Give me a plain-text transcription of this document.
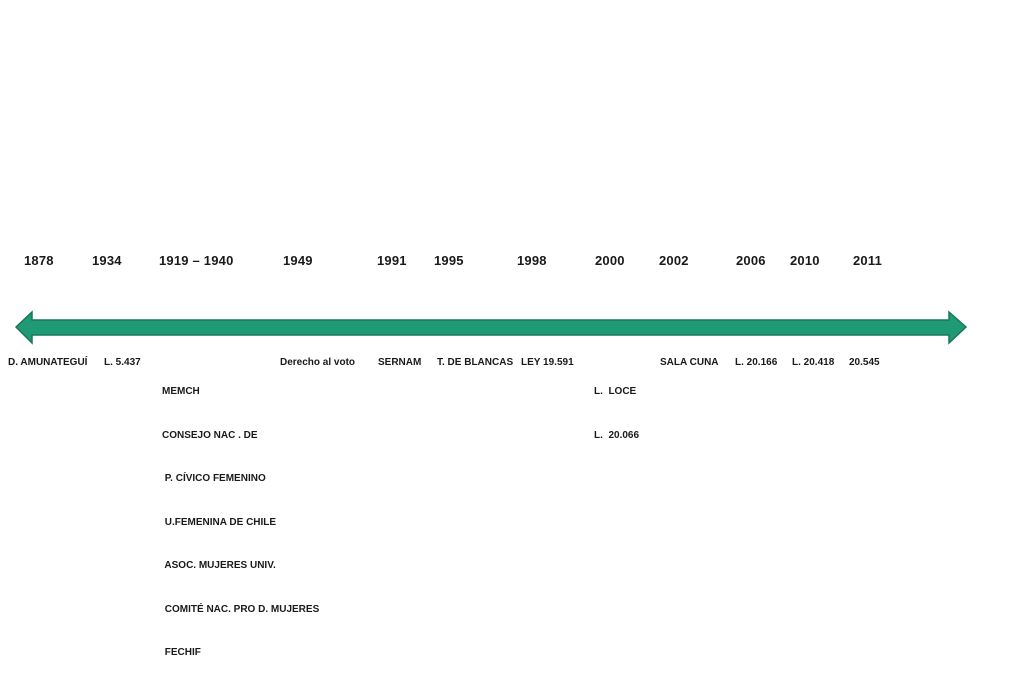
1878	1934	1919 – 1940	1949	1991 1995	1998	2000	2002	2006 2010	2011
D. AMUNATEGUÍ L. 5.437

MEMCH

CONSEJO NAC . DE

P. CÍVICO FEMENINO

U.FEMENINA DE CHILE

ASOC. MUJERES UNIV.

COMITÉ NAC. PRO D. MUJERES

FECHIF

Derecho al voto SERNAM T. DE BLANCAS LEY 19.591

L.  LOCE

L.  20.066

SALA CUNA L. 20.166 L. 20.418 20.545
